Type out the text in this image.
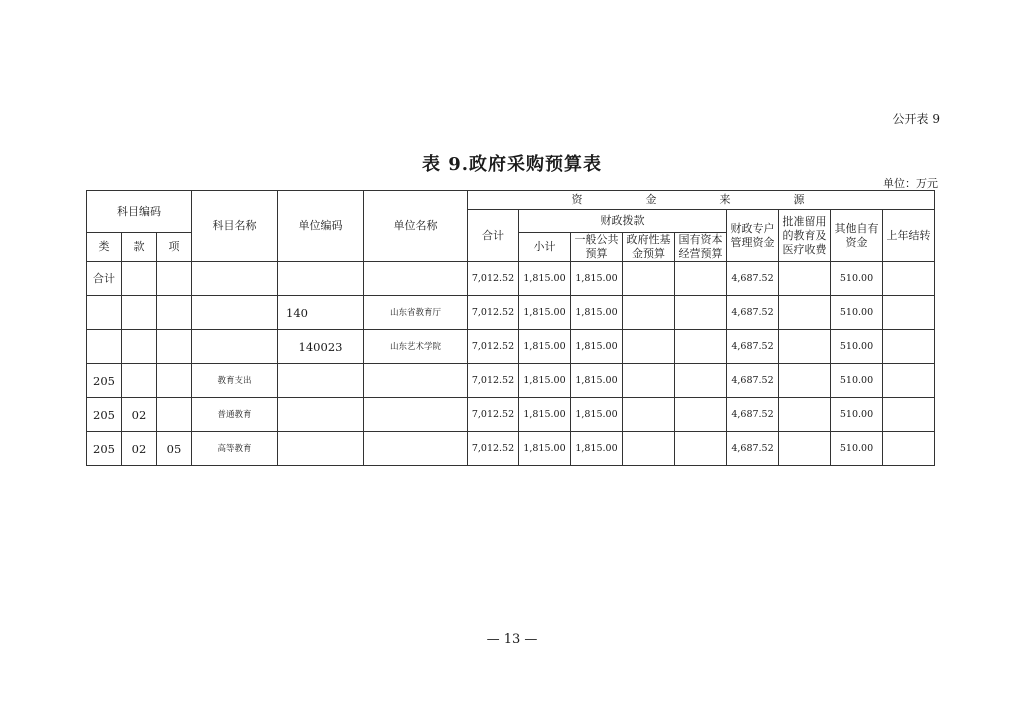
公开表 9
表 9.政府采购预算表
单位：万元
科目编码			科目名称	单位编码	单位名称	资　金　来　源								
						合计	财政拨款				财政专户管理资金	批准留用的教育及医疗收费	其他自有资金	上年结转
类	款	项					小计	一般公共预算	政府性基金预算	国有资本经营预算				

合计						7,012.52	1,815.00	1,815.00			4,687.52		510.00	
				140	山东省教育厅	7,012.52	1,815.00	1,815.00			4,687.52		510.00	
				140023	山东艺术学院	7,012.52	1,815.00	1,815.00			4,687.52		510.00	
205			教育支出			7,012.52	1,815.00	1,815.00			4,687.52		510.00	
205	02		普通教育			7,012.52	1,815.00	1,815.00			4,687.52		510.00	
205	02	05	高等教育			7,012.52	1,815.00	1,815.00			4,687.52		510.00	
— 13 —
